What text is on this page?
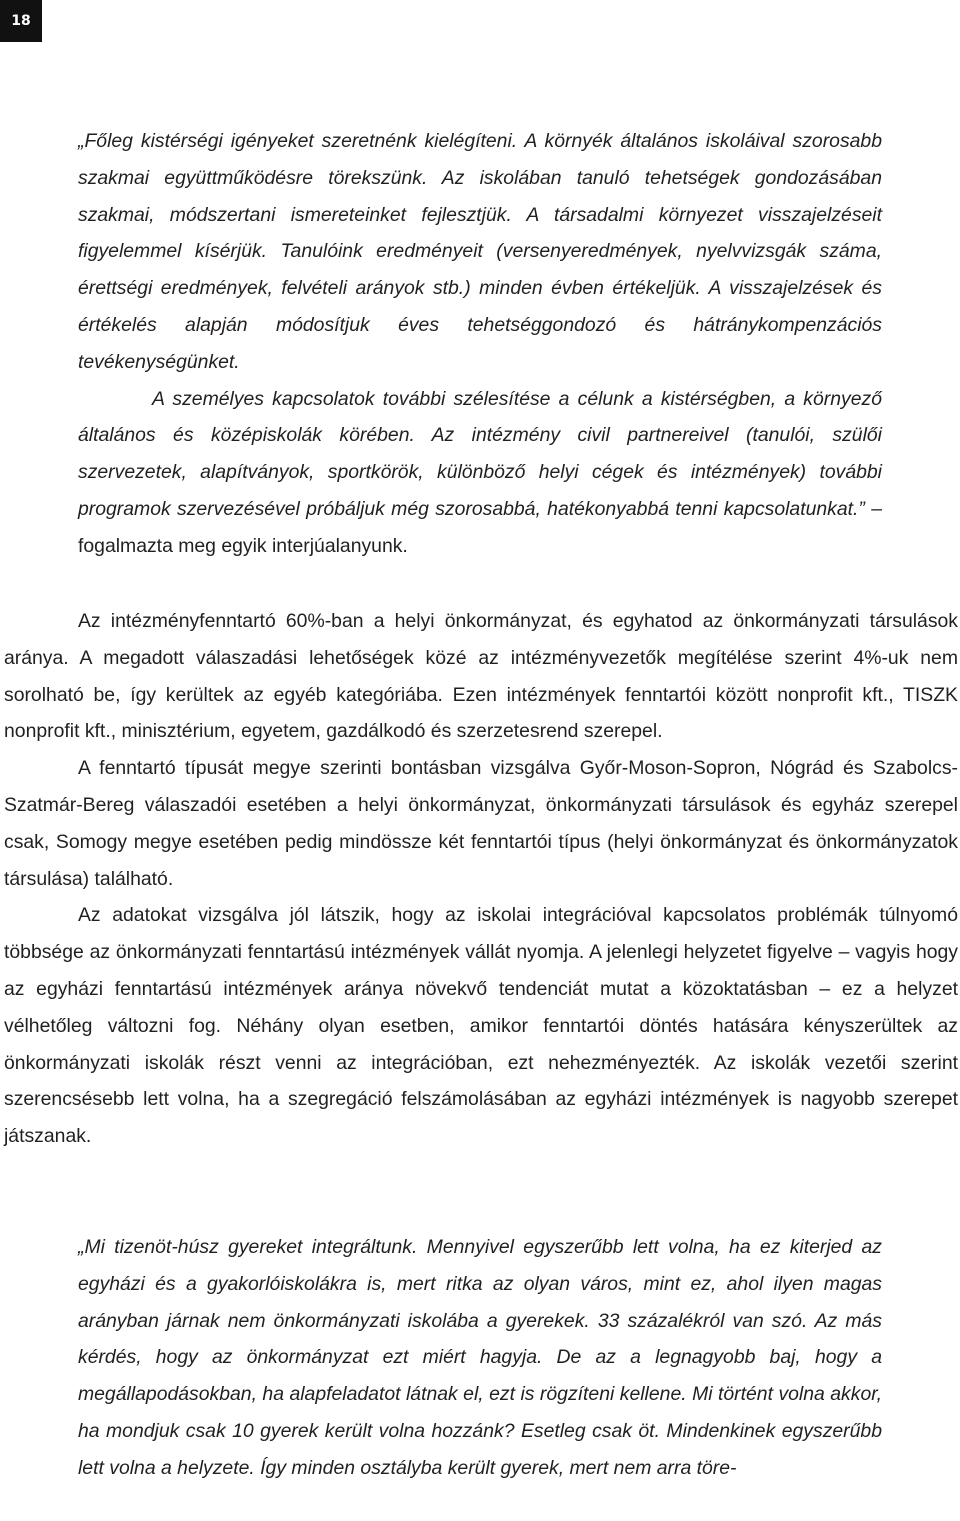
18

„Főleg kistérségi igényeket szeretnénk kielégíteni. A környék általános iskoláival szorosabb szakmai együttműködésre törekszünk. Az iskolában tanuló tehetségek gondozásában szakmai, módszertani ismereteinket fejlesztjük. A társadalmi környezet visszajelzéseit figyelemmel kísérjük. Tanulóink eredményeit (versenyeredmények, nyelvvizsgák száma, érettségi eredmények, felvételi arányok stb.) minden évben értékeljük. A visszajelzések és értékelés alapján módosítjuk éves tehetséggondozó és hátránykompenzációs tevékenységünket.

A személyes kapcsolatok további szélesítése a célunk a kistérségben, a környező általános és középiskolák körében. Az intézmény civil partnereivel (tanulói, szülői szervezetek, alapítványok, sportkörök, különböző helyi cégek és intézmények) további programok szervezésével próbáljuk még szorosabbá, hatékonyabbá tenni kapcsolatunkat.” – fogalmazta meg egyik interjúalanyunk.

Az intézményfenntartó 60%-ban a helyi önkormányzat, és egyhatod az önkormányzati társulások aránya. A megadott válaszadási lehetőségek közé az intézményvezetők megítélése szerint 4%-uk nem sorolható be, így kerültek az egyéb kategóriába. Ezen intézmények fenntartói között nonprofit kft., TISZK nonprofit kft., minisztérium, egyetem, gazdálkodó és szerzetesrend szerepel.

A fenntartó típusát megye szerinti bontásban vizsgálva Győr-Moson-Sopron, Nógrád és Szabolcs-Szatmár-Bereg válaszadói esetében a helyi önkormányzat, önkormányzati társulások és egyház szerepel csak, Somogy megye esetében pedig mindössze két fenntartói típus (helyi önkormányzat és önkormányzatok társulása) található.

Az adatokat vizsgálva jól látszik, hogy az iskolai integrációval kapcsolatos problémák túlnyomó többsége az önkormányzati fenntartású intézmények vállát nyomja. A jelenlegi helyzetet figyelve – vagyis hogy az egyházi fenntartású intézmények aránya növekvő tendenciát mutat a közoktatásban – ez a helyzet vélhetőleg változni fog. Néhány olyan esetben, amikor fenntartói döntés hatására kényszerültek az önkormányzati iskolák részt venni az integrációban, ezt nehezményezték. Az iskolák vezetői szerint szerencsésebb lett volna, ha a szegregáció felszámolásában az egyházi intézmények is nagyobb szerepet játszanak.

„Mi tizenöt-húsz gyereket integráltunk. Mennyivel egyszerűbb lett volna, ha ez kiterjed az egyházi és a gyakorlóiskolákra is, mert ritka az olyan város, mint ez, ahol ilyen magas arányban járnak nem önkormányzati iskolába a gyerekek. 33 százalékról van szó. Az más kérdés, hogy az önkormányzat ezt miért hagyja. De az a legnagyobb baj, hogy a megállapodásokban, ha alapfeladatot látnak el, ezt is rögzíteni kellene. Mi történt volna akkor, ha mondjuk csak 10 gyerek került volna hozzánk? Esetleg csak öt. Mindenkinek egyszerűbb lett volna a helyzete. Így minden osztályba került gyerek, mert nem arra töre-
